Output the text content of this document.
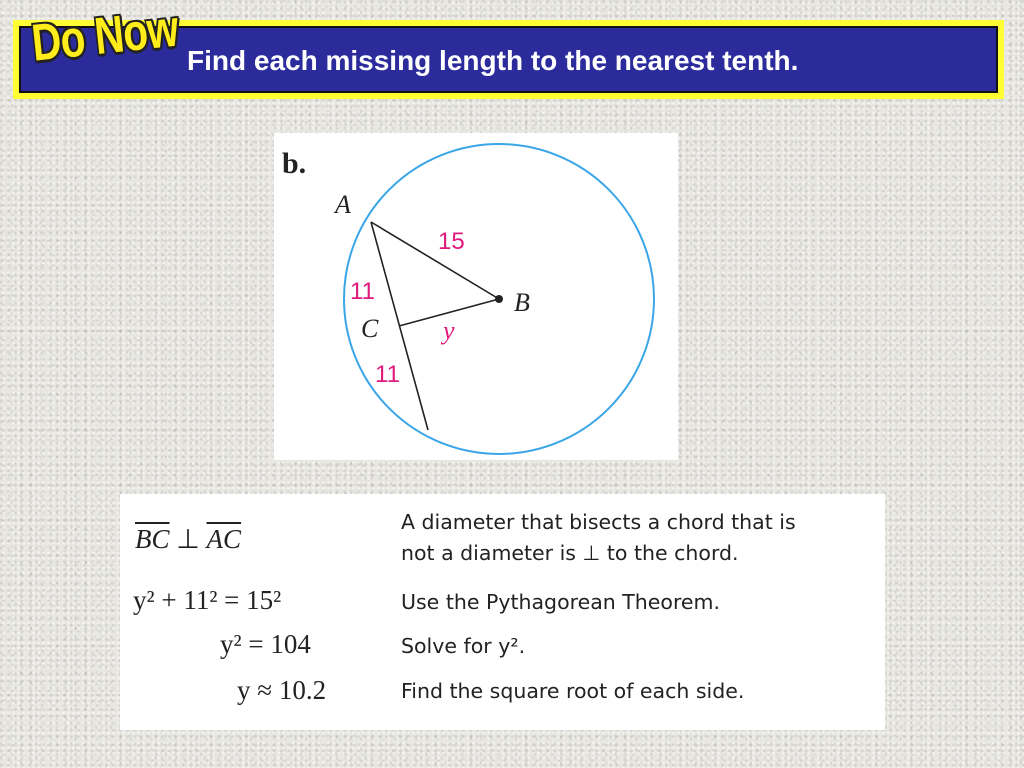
Do Now Find each missing length to the nearest tenth.
b.
A
B
C
15
11
11
y
$\overline{BC}$ ⊥ $\overline{AC}$
A diameter that bisects a chord that is
not a diameter is ⊥ to the chord.
y² + 11² = 15²	Use the Pythagorean Theorem.
y² = 104	Solve for y².
y ≈ 10.2	Find the square root of each side.
